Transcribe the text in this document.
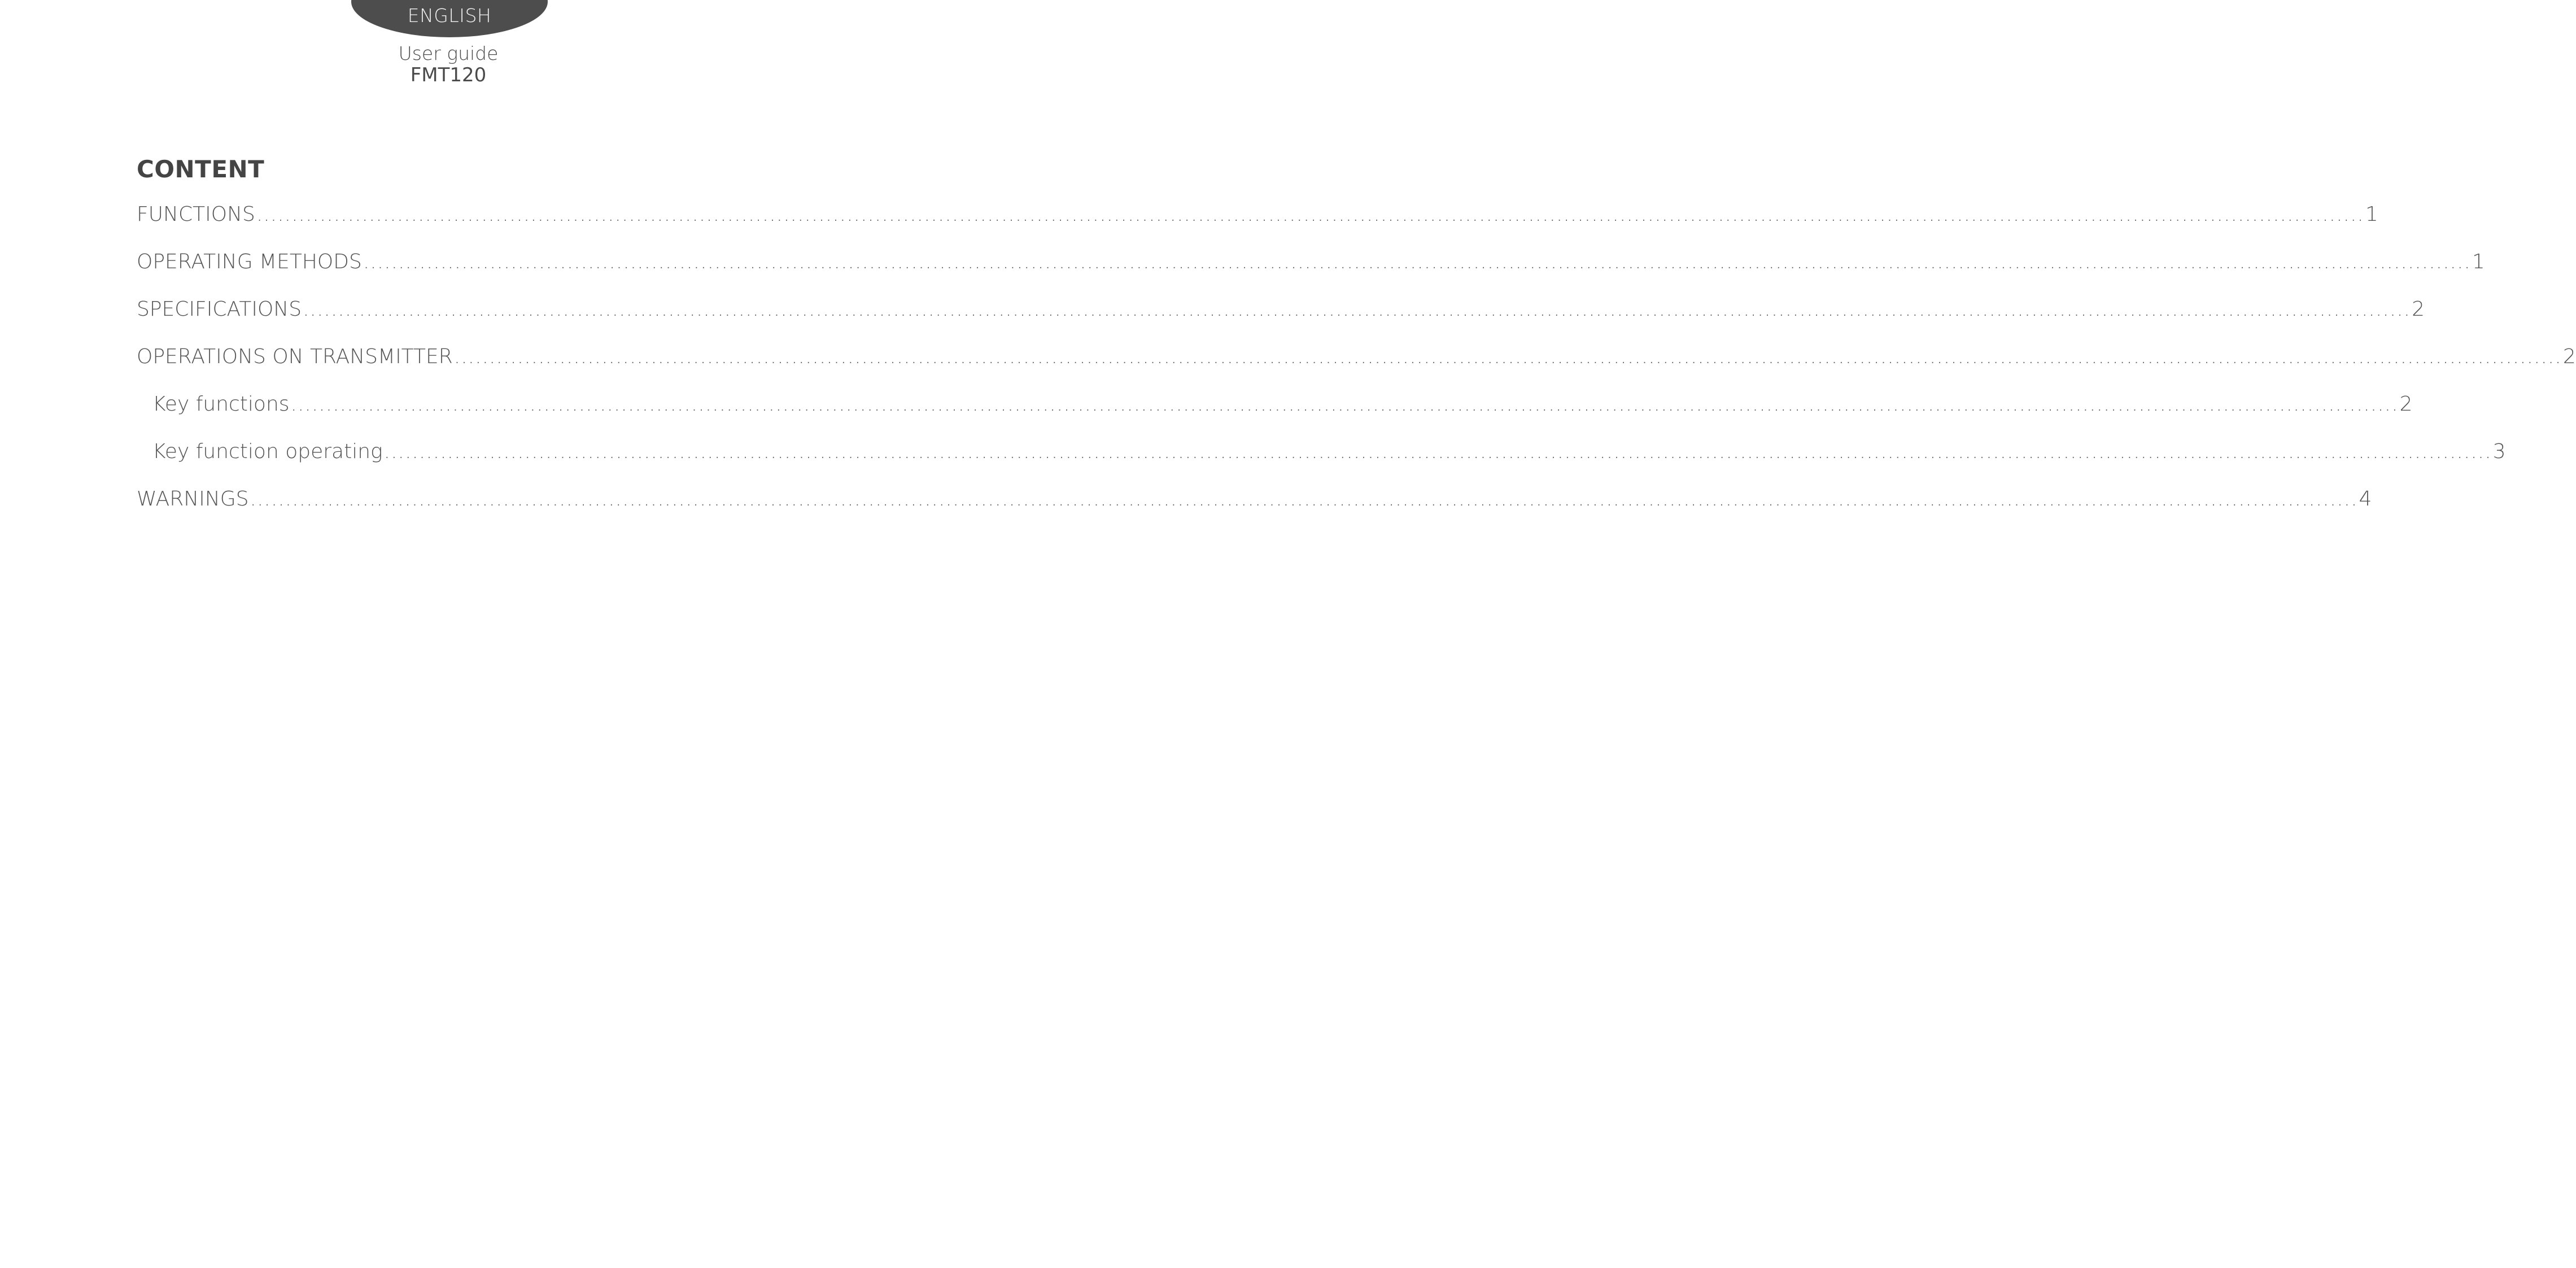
ENGLISH
User guide
FMT120
CONTENT
FUNCTIONS ............................................................................................................................................................................................................................................................................................................ 1
OPERATING METHODS ............................................................................................................................................................................................................................................................................................................ 1
SPECIFICATIONS ............................................................................................................................................................................................................................................................................................................ 2
OPERATIONS ON TRANSMITTER ............................................................................................................................................................................................................................................................................................................ 2
Key functions ............................................................................................................................................................................................................................................................................................................ 2
Key function operating ............................................................................................................................................................................................................................................................................................................ 3
WARNINGS ............................................................................................................................................................................................................................................................................................................ 4
